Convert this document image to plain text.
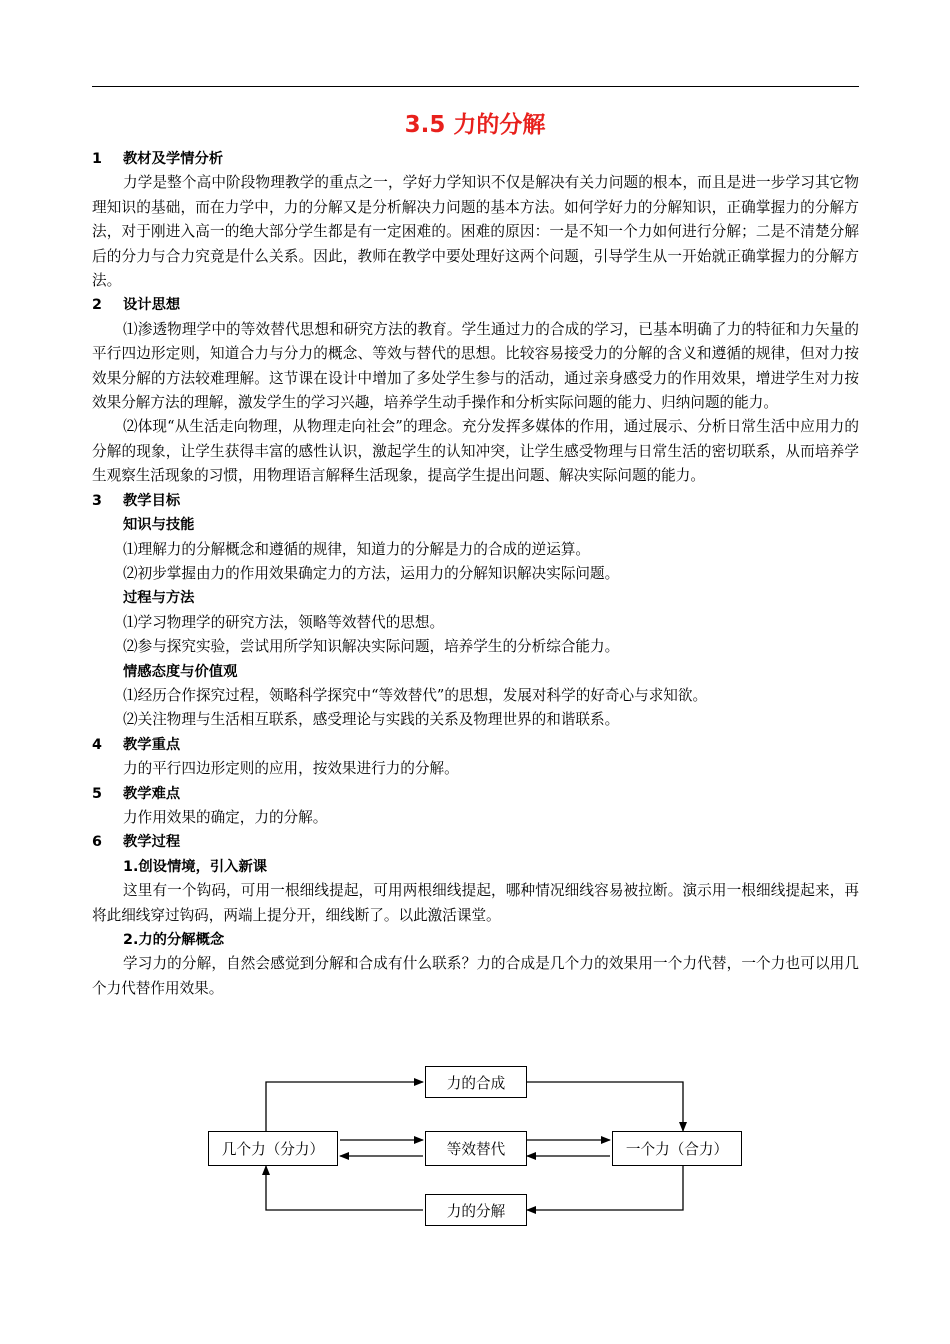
3.5 力的分解
1 教材及学情分析
力学是整个高中阶段物理教学的重点之一，学好力学知识不仅是解决有关力问题的根本，而且是进一步学习其它物理知识的基础，而在力学中，力的分解又是分析解决力问题的基本方法。如何学好力的分解知识，正确掌握力的分解方法，对于刚进入高一的绝大部分学生都是有一定困难的。困难的原因：一是不知一个力如何进行分解；二是不清楚分解后的分力与合力究竟是什么关系。因此，教师在教学中要处理好这两个问题，引导学生从一开始就正确掌握力的分解方法。
2 设计思想
⑴渗透物理学中的等效替代思想和研究方法的教育。学生通过力的合成的学习，已基本明确了力的特征和力矢量的平行四边形定则，知道合力与分力的概念、等效与替代的思想。比较容易接受力的分解的含义和遵循的规律，但对力按效果分解的方法较难理解。这节课在设计中增加了多处学生参与的活动，通过亲身感受力的作用效果，增进学生对力按效果分解方法的理解，激发学生的学习兴趣，培养学生动手操作和分析实际问题的能力、归纳问题的能力。
⑵体现“从生活走向物理，从物理走向社会”的理念。充分发挥多媒体的作用，通过展示、分析日常生活中应用力的分解的现象，让学生获得丰富的感性认识，激起学生的认知冲突，让学生感受物理与日常生活的密切联系，从而培养学生观察生活现象的习惯，用物理语言解释生活现象，提高学生提出问题、解决实际问题的能力。
3 教学目标
知识与技能
⑴理解力的分解概念和遵循的规律，知道力的分解是力的合成的逆运算。
⑵初步掌握由力的作用效果确定力的方法，运用力的分解知识解决实际问题。
过程与方法
⑴学习物理学的研究方法，领略等效替代的思想。
⑵参与探究实验，尝试用所学知识解决实际问题，培养学生的分析综合能力。
情感态度与价值观
⑴经历合作探究过程，领略科学探究中“等效替代”的思想，发展对科学的好奇心与求知欲。
⑵关注物理与生活相互联系，感受理论与实践的关系及物理世界的和谐联系。
4 教学重点
力的平行四边形定则的应用，按效果进行力的分解。
5 教学难点
力作用效果的确定，力的分解。
6 教学过程
1.创设情境，引入新课
这里有一个钩码，可用一根细线提起，可用两根细线提起，哪种情况细线容易被拉断。演示用一根细线提起来，再将此细线穿过钩码，两端上提分开，细线断了。以此激活课堂。
2.力的分解概念
学习力的分解，自然会感觉到分解和合成有什么联系？力的合成是几个力的效果用一个力代替，一个力也可以用几个力代替作用效果。
力的合成
几个力（分力）	等效替代	一个力（合力）
力的分解
